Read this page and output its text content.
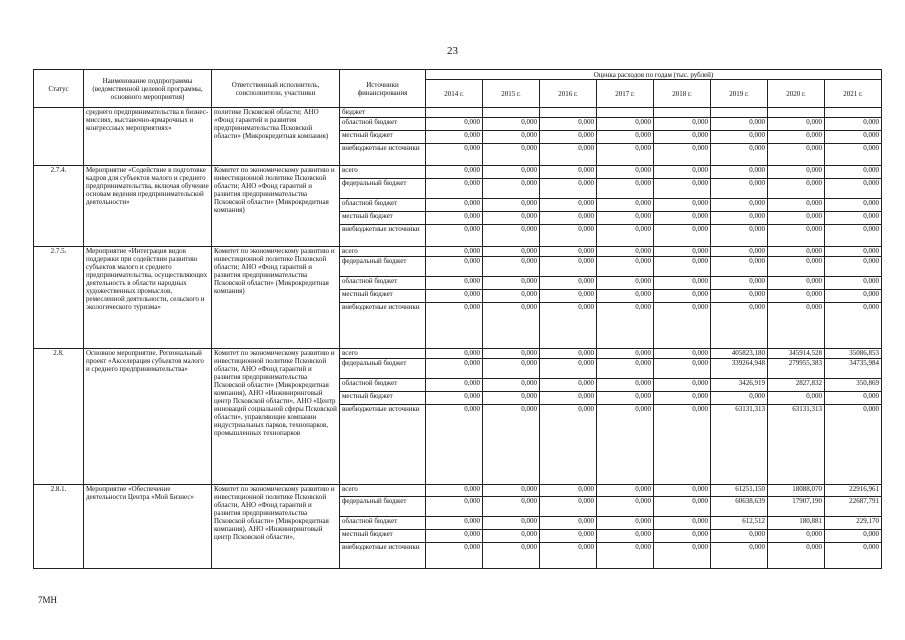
23
Статус	Наименование подпрограммы (ведомственной целевой программы, основного мероприятия)	Ответственный исполнитель, соисполнители, участники	Источники финансирования	Оценка расходов по годам (тыс. рублей)							
				2014 г.	2015 г.	2016 г.	2017 г.	2018 г.	2019 г.	2020 г.	2021 г.
	среднего предпринимательства в бизнес-миссиях, выставочно-ярмарочных и конгрессных мероприятиях»	политике Псковской области; АНО «Фонд гарантий и развития предпринимательства Псковской области» (Микрокредитная компания)	бюджет								
			областной бюджет	0,000	0,000	0,000	0,000	0,000	0,000	0,000	0,000
			местный бюджет	0,000	0,000	0,000	0,000	0,000	0,000	0,000	0,000
			внебюджетные источники	0,000	0,000	0,000	0,000	0,000	0,000	0,000	0,000
2.7.4.	Мероприятие «Содействие в подготовке кадров для субъектов малого и среднего предпринимательства, включая обучение основам ведения предпринимательской деятельности»	Комитет по экономическому развитию и инвестиционной политике Псковской области; АНО «Фонд гарантий и развития предпринимательства Псковской области» (Микрокредитная компания)	всего	0,000	0,000	0,000	0,000	0,000	0,000	0,000	0,000
			федеральный бюджет	0,000	0,000	0,000	0,000	0,000	0,000	0,000	0,000
			областной бюджет	0,000	0,000	0,000	0,000	0,000	0,000	0,000	0,000
			местный бюджет	0,000	0,000	0,000	0,000	0,000	0,000	0,000	0,000
			внебюджетные источники	0,000	0,000	0,000	0,000	0,000	0,000	0,000	0,000
2.7.5.	Мероприятие «Интеграция видов поддержки при содействии развитию субъектов малого и среднего предпринимательства, осуществляющих деятельность в области народных художественных промыслов, ремесленной деятельности, сельского и экологического туризма»	Комитет по экономическому развитию и инвестиционной политике Псковской области; АНО «Фонд гарантий и развития предпринимательства Псковской области» (Микрокредитная компания)	всего	0,000	0,000	0,000	0,000	0,000	0,000	0,000	0,000
			федеральный бюджет	0,000	0,000	0,000	0,000	0,000	0,000	0,000	0,000
			областной бюджет	0,000	0,000	0,000	0,000	0,000	0,000	0,000	0,000
			местный бюджет	0,000	0,000	0,000	0,000	0,000	0,000	0,000	0,000
			внебюджетные источники	0,000	0,000	0,000	0,000	0,000	0,000	0,000	0,000
2.8.	Основное мероприятие. Региональный проект «Акселерация субъектов малого и среднего предпринимательства»	Комитет по экономическому развитию и инвестиционной политике Псковской области, АНО «Фонд гарантий и развития предпринимательства Псковской области» (Микрокредитная компания), АНО «Инжиниринговый центр Псковской области», АНО «Центр инноваций социальной сферы Псковской области», управляющие компании индустриальных парков, технопарков, промышленных технопарков	всего	0,000	0,000	0,000	0,000	0,000	405823,180	345914,528	35086,853
			федеральный бюджет	0,000	0,000	0,000	0,000	0,000	339264,948	279955,383	34735,984
			областной бюджет	0,000	0,000	0,000	0,000	0,000	3426,919	2827,832	350,869
			местный бюджет	0,000	0,000	0,000	0,000	0,000	0,000	0,000	0,000
			внебюджетные источники	0,000	0,000	0,000	0,000	0,000	63131,313	63131,313	0,000
2.8.1.	Мероприятие «Обеспечение деятельности Центра «Мой Бизнес»	Комитет по экономическому развитию и инвестиционной политике Псковской области, АНО «Фонд гарантий и развития предпринимательства Псковской области» (Микрокредитная компания), АНО «Инжиниринговый центр Псковской области»,	всего	0,000	0,000	0,000	0,000	0,000	61251,150	18088,070	22916,961
			федеральный бюджет	0,000	0,000	0,000	0,000	0,000	60638,639	17907,190	22687,791
			областной бюджет	0,000	0,000	0,000	0,000	0,000	612,512	180,881	229,170
			местный бюджет	0,000	0,000	0,000	0,000	0,000	0,000	0,000	0,000
			внебюджетные источники	0,000	0,000	0,000	0,000	0,000	0,000	0,000	0,000
7MH
